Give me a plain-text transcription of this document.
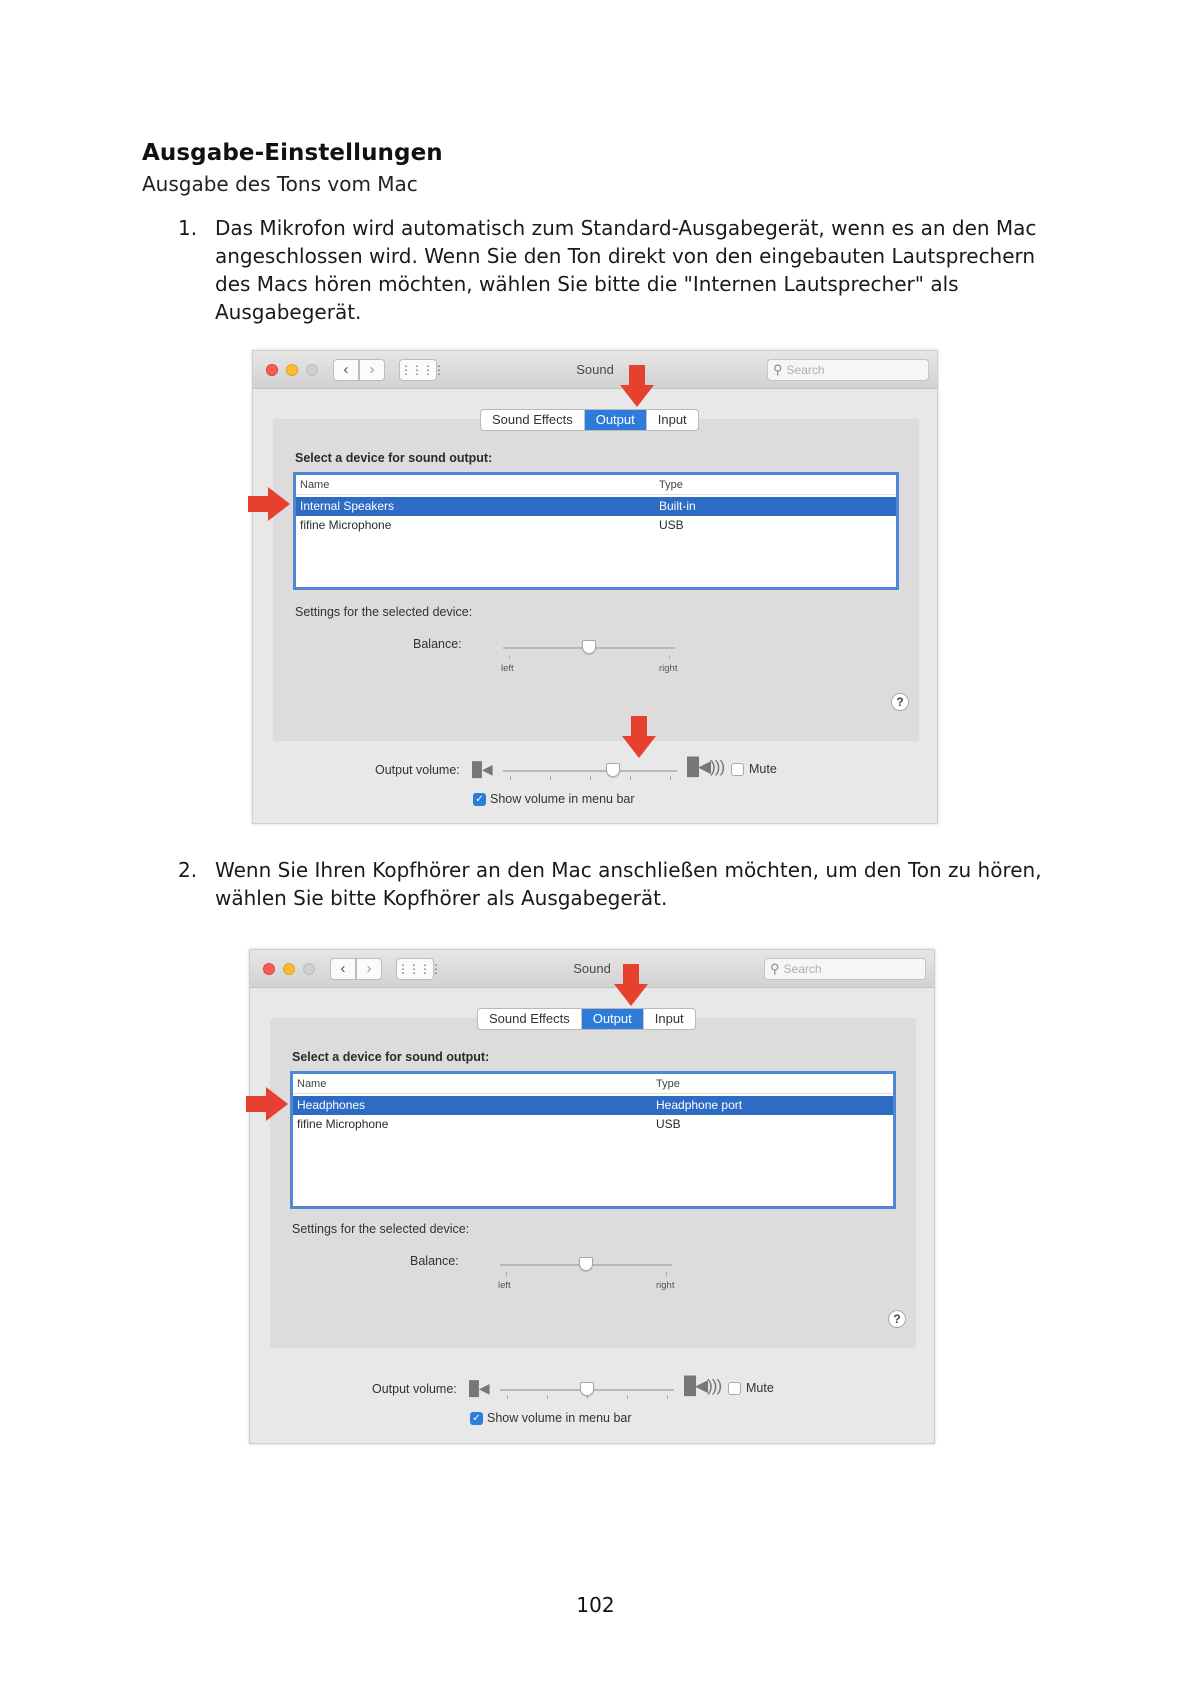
Ausgabe-Einstellungen
Ausgabe des Tons vom Mac
1. Das Mikrofon wird automatisch zum Standard-Ausgabegerät, wenn es an den Mac
angeschlossen wird. Wenn Sie den Ton direkt von den eingebauten Lautsprechern
des Macs hören möchten, wählen Sie bitte die "Internen Lautsprecher" als
Ausgabegerät.
‹	›	⋮⋮⋮⋮	Sound	⚲ Search
Sound Effects	Output	Input
Select a device for sound output:
Name	Type
Internal Speakers	Built-in
fifine Microphone	USB
Settings for the selected device:
Balance:
left	right
?
Output volume: █◀	█◀))) Mute
✓ Show volume in menu bar
2. Wenn Sie Ihren Kopfhörer an den Mac anschließen möchten, um den Ton zu hören,
wählen Sie bitte Kopfhörer als Ausgabegerät.
‹	›	⋮⋮⋮⋮	Sound	⚲ Search
Sound Effects	Output	Input
Select a device for sound output:
Name	Type
Headphones	Headphone port
fifine Microphone	USB
Settings for the selected device:
Balance:
left	right
?
Output volume: █◀	█◀))) Mute
✓ Show volume in menu bar
102
